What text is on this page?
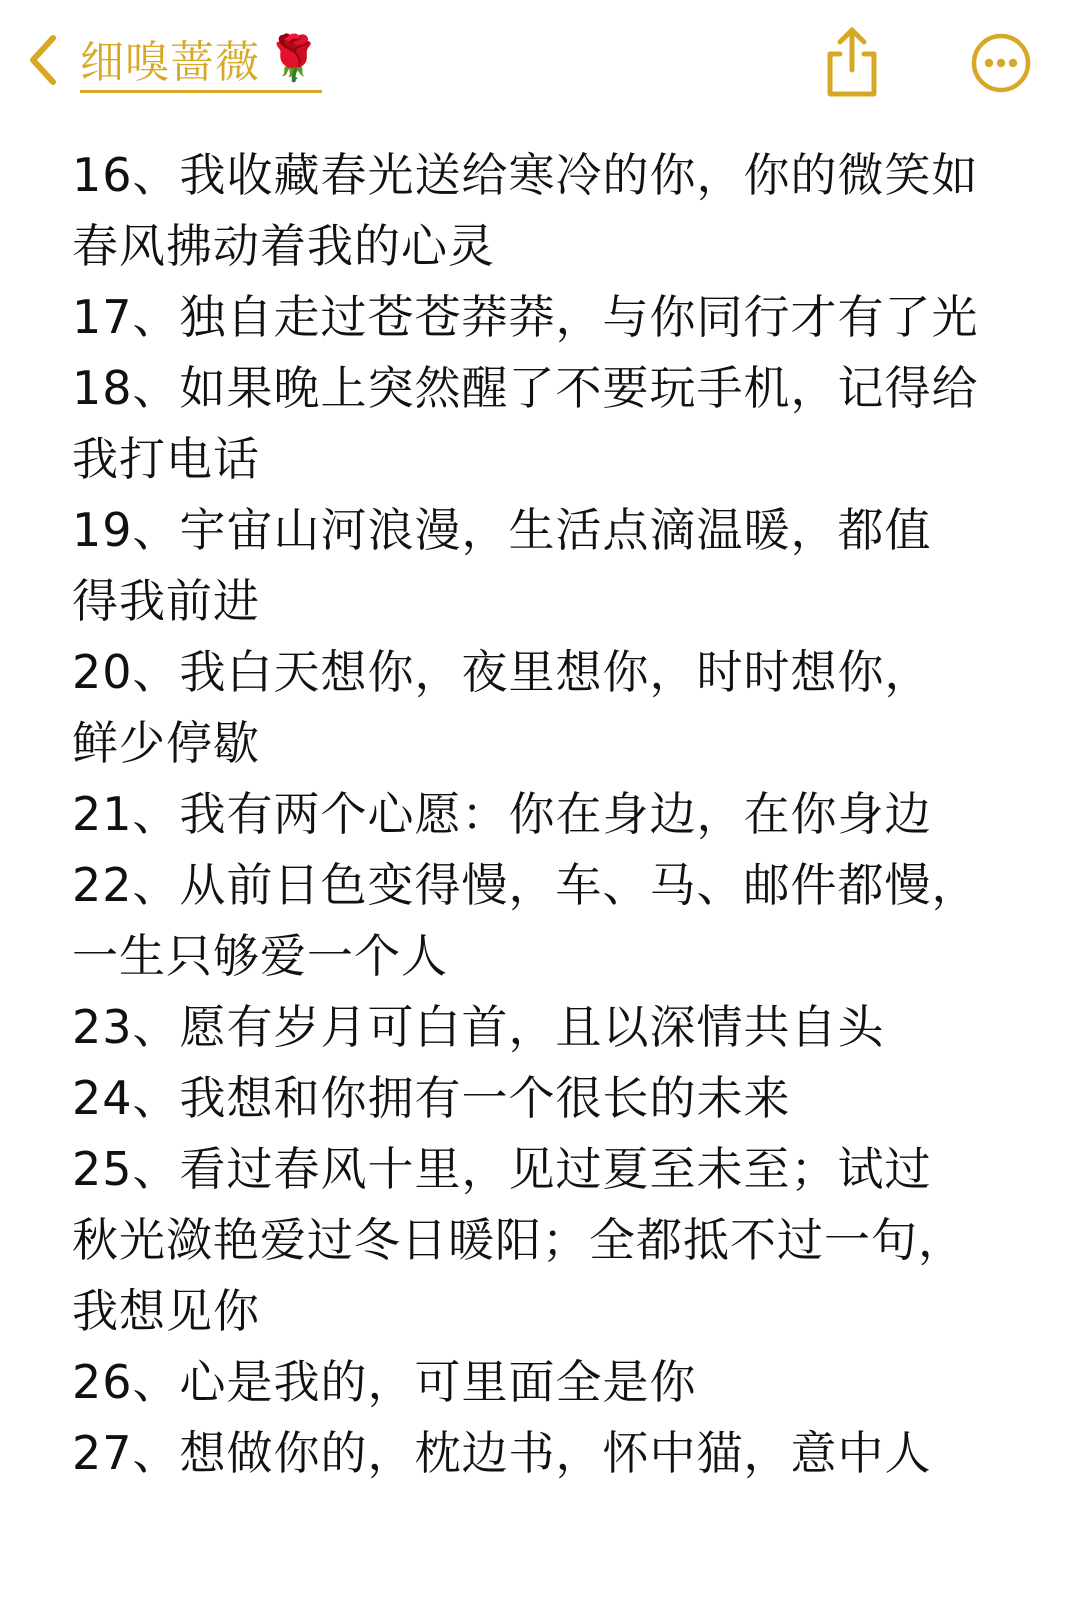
细嗅蔷薇 🌹
16、我收藏春光送给寒冷的你，你的微笑如
春风拂动着我的心灵
17、独自走过苍苍莽莽，与你同行才有了光
18、如果晚上突然醒了不要玩手机，记得给
我打电话
19、宇宙山河浪漫，生活点滴温暖，都值
得我前进
20、我白天想你，夜里想你，时时想你，
鲜少停歇
21、我有两个心愿：你在身边，在你身边
22、从前日色变得慢，车、马、邮件都慢，
一生只够爱一个人
23、愿有岁月可白首，且以深情共自头
24、我想和你拥有一个很长的未来
25、看过春风十里，见过夏至未至；试过
秋光潋艳爱过冬日暖阳；全都抵不过一句，
我想见你
26、心是我的，可里面全是你
27、想做你的，枕边书，怀中猫，意中人
